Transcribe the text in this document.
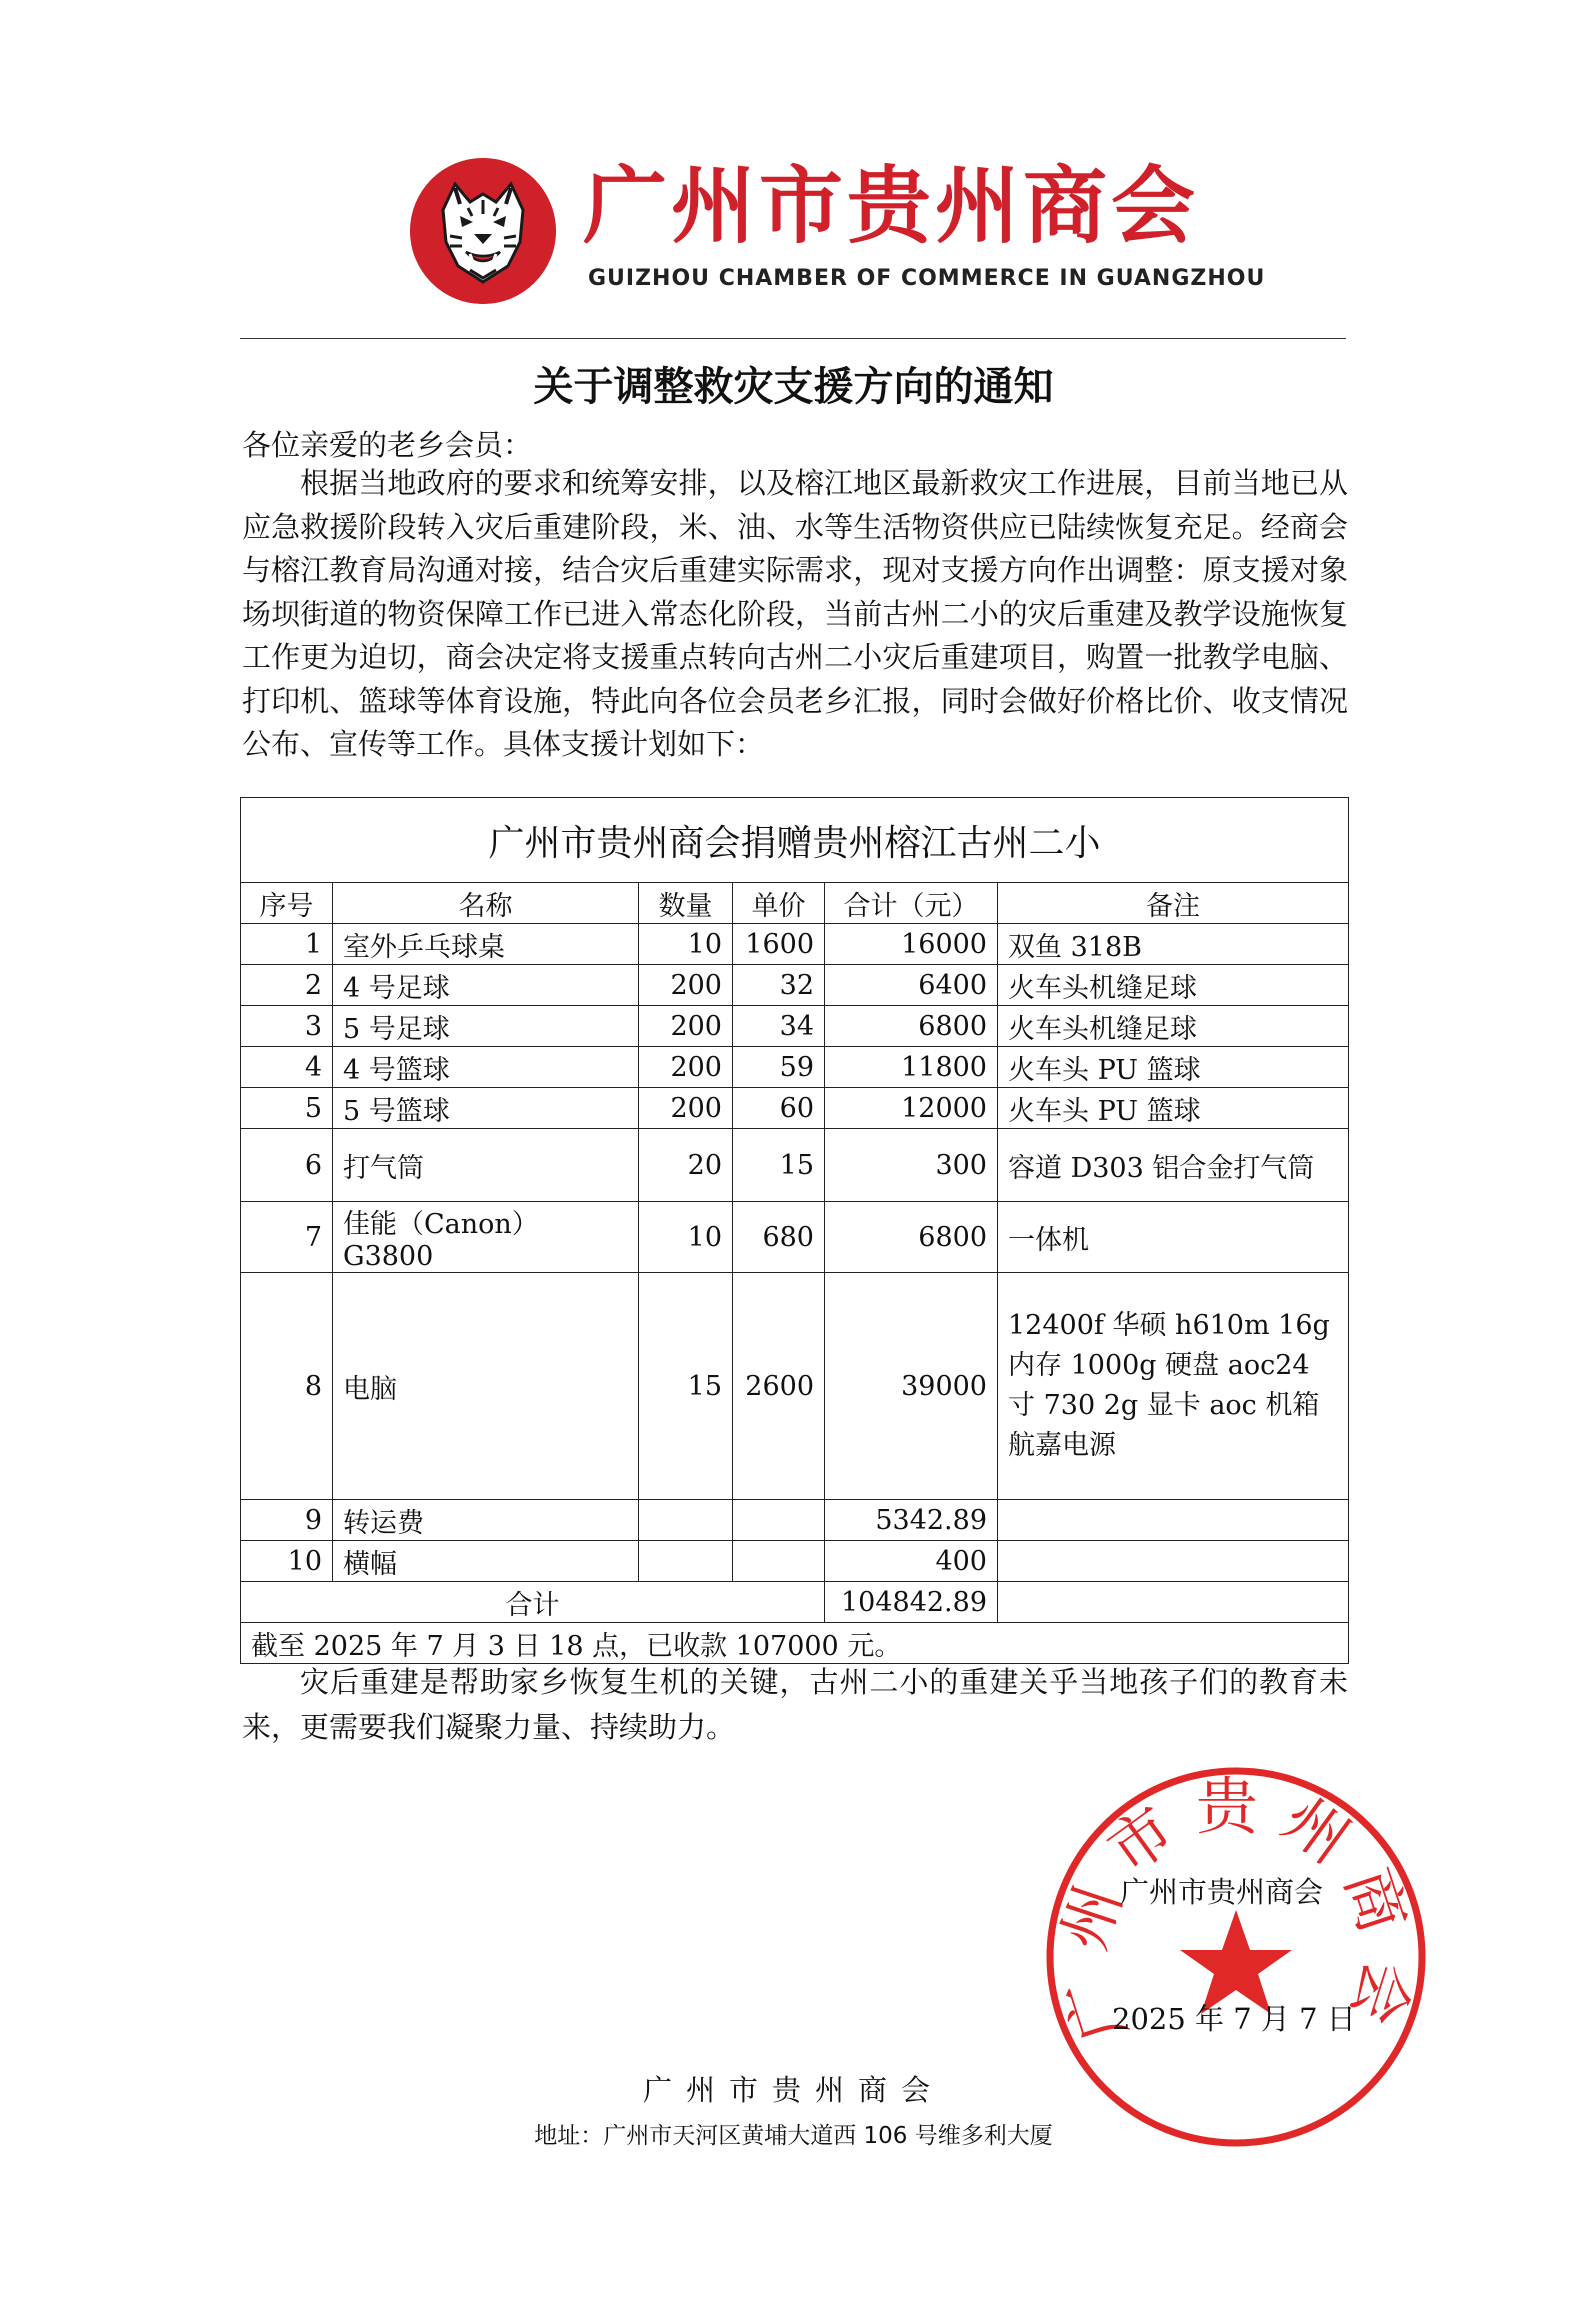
广州市贵州商会
GUIZHOU CHAMBER OF COMMERCE IN GUANGZHOU
关于调整救灾支援方向的通知
各位亲爱的老乡会员：
根据当地政府的要求和统筹安排，以及榕江地区最新救灾工作进展，目前当地已从应急救援阶段转入灾后重建阶段，米、油、水等生活物资供应已陆续恢复充足。经商会与榕江教育局沟通对接，结合灾后重建实际需求，现对支援方向作出调整：原支援对象场坝街道的物资保障工作已进入常态化阶段，当前古州二小的灾后重建及教学设施恢复工作更为迫切，商会决定将支援重点转向古州二小灾后重建项目，购置一批教学电脑、打印机、篮球等体育设施，特此向各位会员老乡汇报，同时会做好价格比价、收支情况公布、宣传等工作。具体支援计划如下：
广州市贵州商会捐赠贵州榕江古州二小					
序号	名称	数量	单价	合计（元）	备注
1	室外乒乓球桌	10	1600	16000	双鱼 318B
2	4 号足球	200	32	6400	火车头机缝足球
3	5 号足球	200	34	6800	火车头机缝足球
4	4 号篮球	200	59	11800	火车头 PU 篮球
5	5 号篮球	200	60	12000	火车头 PU 篮球
6	打气筒	20	15	300	容道 D303 铝合金打气筒
7	佳能（Canon）G3800	10	680	6800	一体机
8	电脑	15	2600	39000	12400f 华硕 h610m 16g 内存 1000g 硬盘 aoc24 寸 730 2g 显卡 aoc 机箱 航嘉电源
9	转运费			5342.89	
10	横幅			400	
合计				104842.89	
截至 2025 年 7 月 3 日 18 点，已收款 107000 元。					
灾后重建是帮助家乡恢复生机的关键，古州二小的重建关乎当地孩子们的教育未来，更需要我们凝聚力量、持续助力。
广州市贵州商会
广州市贵州商会
2025 年 7 月 7 日
广州市贵州商会
地址：广州市天河区黄埔大道西 106 号维多利大厦
